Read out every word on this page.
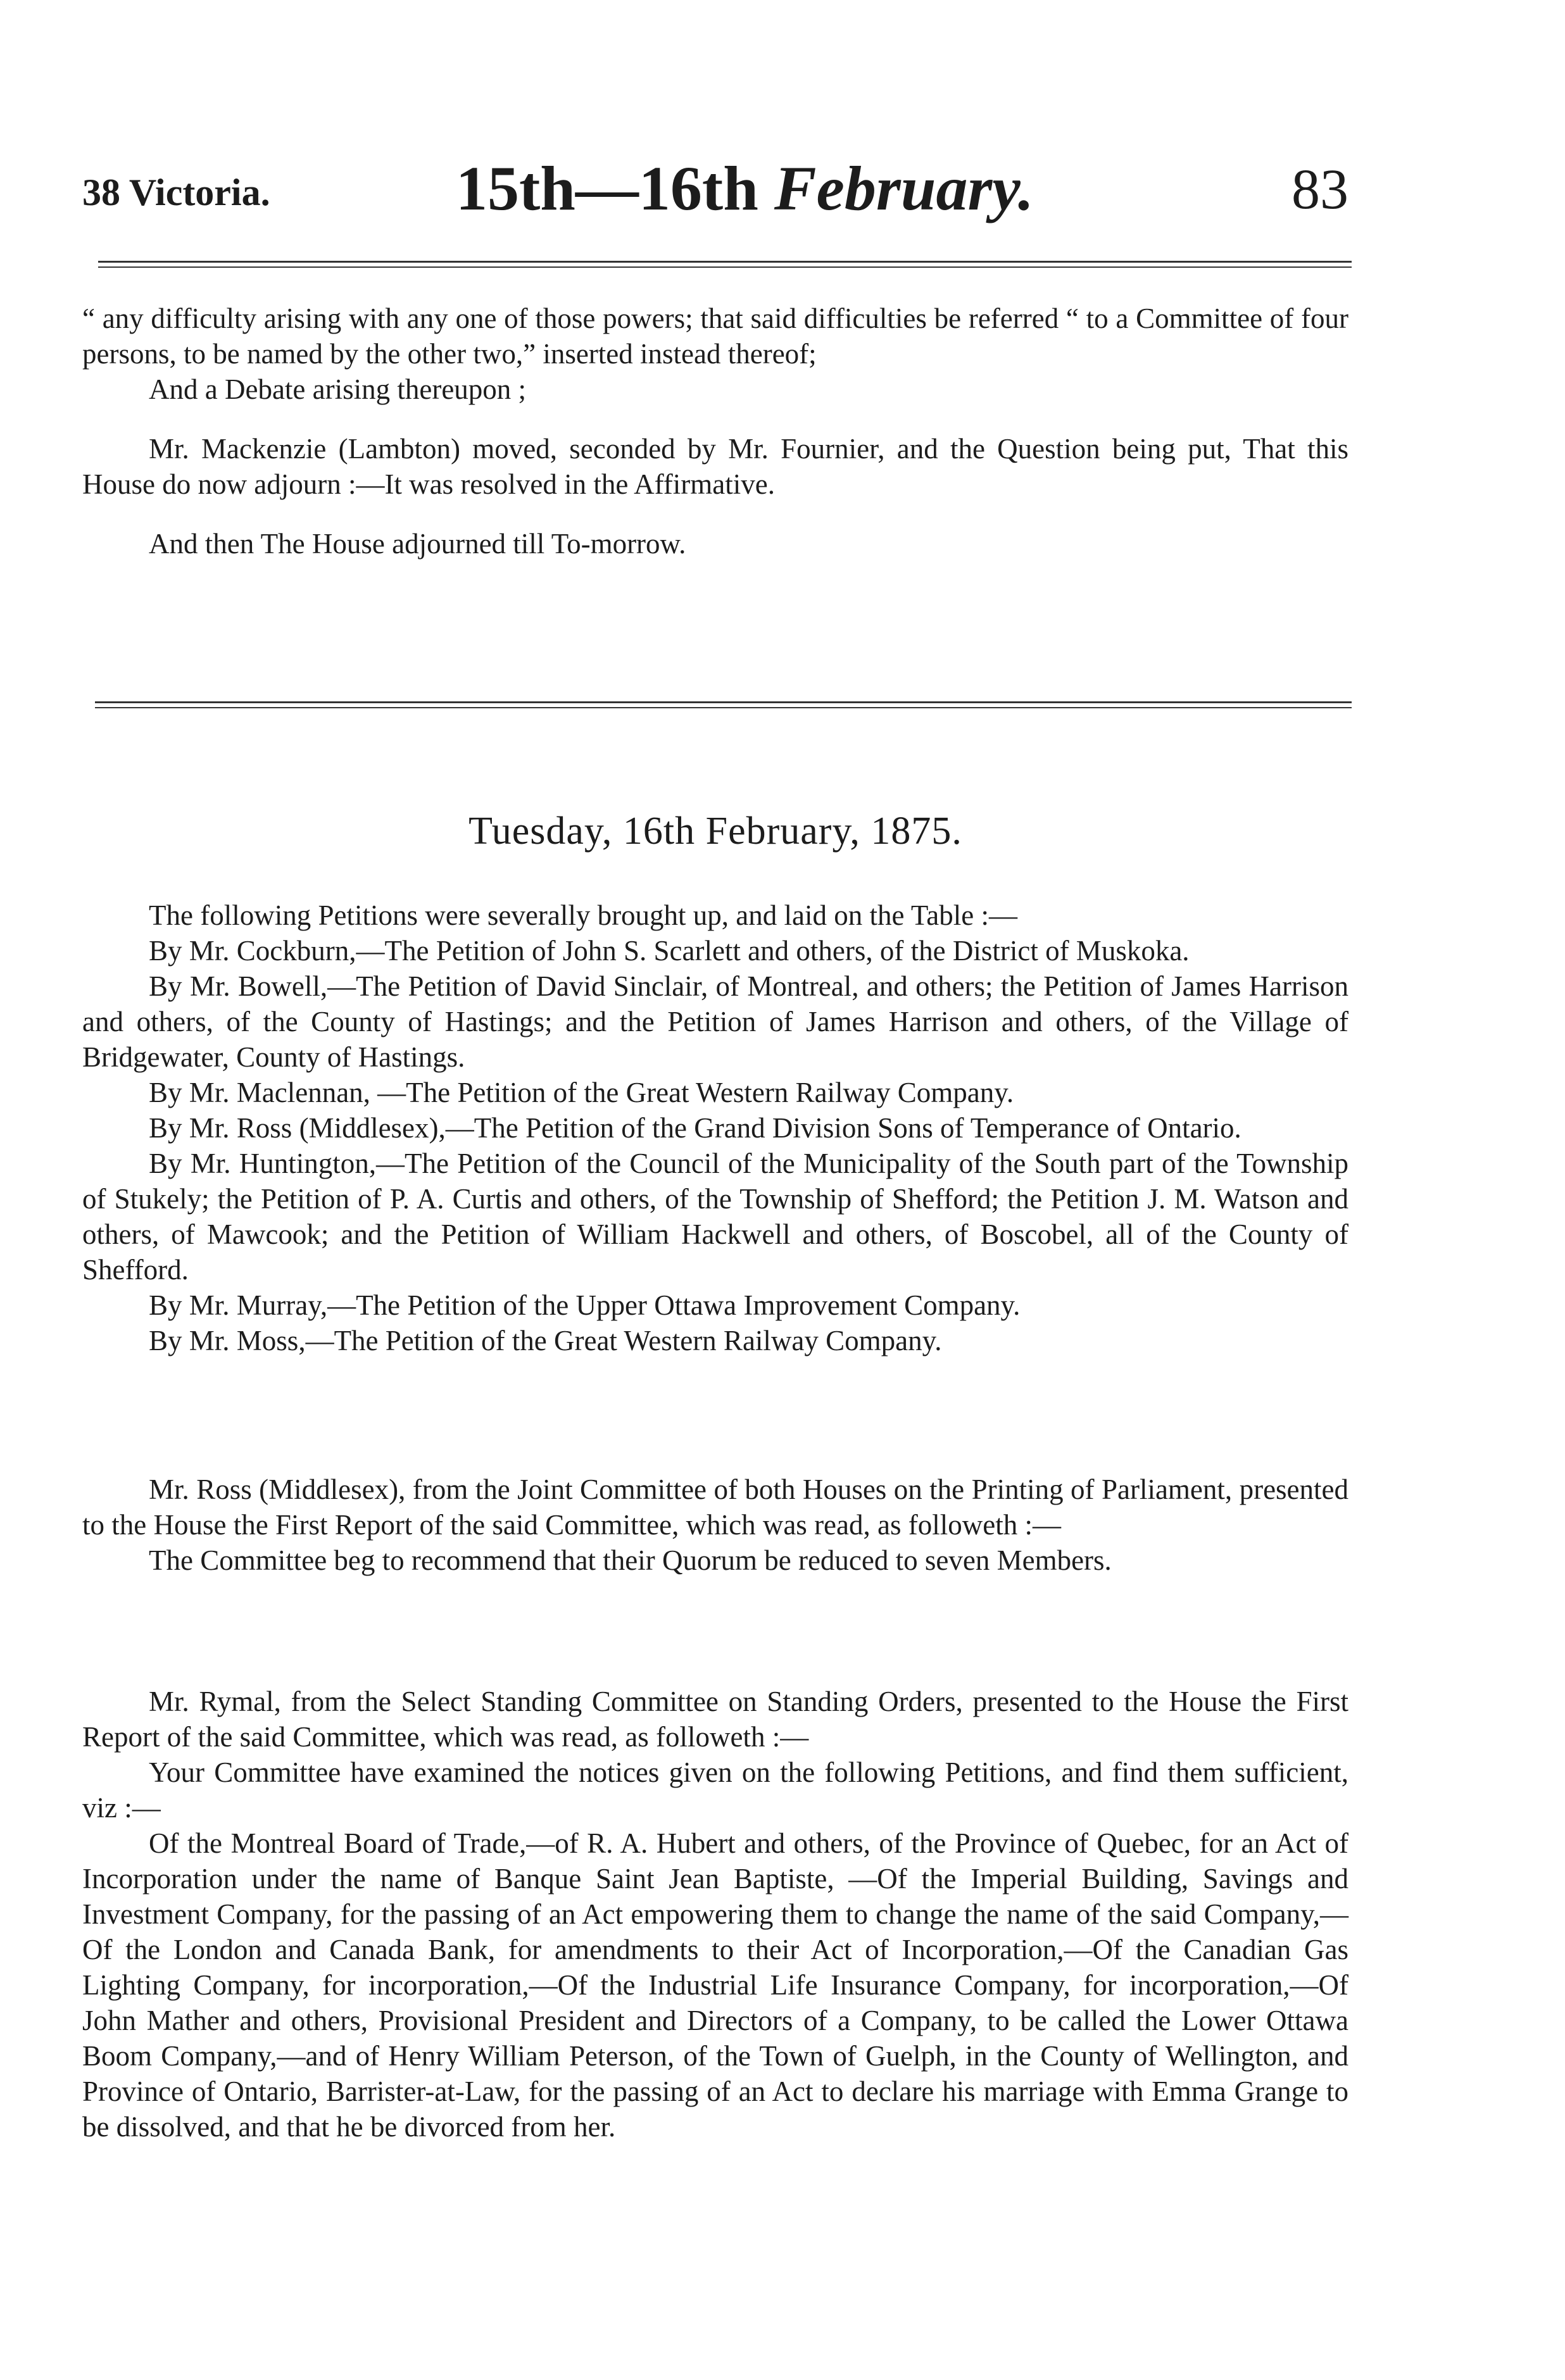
38 Victoria.	15th—16th February.	83

“ any difficulty arising with any one of those powers; that said difficulties be referred “ to a Committee of four persons, to be named by the other two,” inserted instead thereof;

And a Debate arising thereupon ;

Mr. Mackenzie (Lambton) moved, seconded by Mr. Fournier, and the Question being put, That this House do now adjourn :—It was resolved in the Affirmative.

And then The House adjourned till To-morrow.

Tuesday, 16th February, 1875.

The following Petitions were severally brought up, and laid on the Table :—

By Mr. Cockburn,—The Petition of John S. Scarlett and others, of the District of Muskoka.

By Mr. Bowell,—The Petition of David Sinclair, of Montreal, and others; the Petition of James Harrison and others, of the County of Hastings; and the Petition of James Harrison and others, of the Village of Bridgewater, County of Hastings.

By Mr. Maclennan, —The Petition of the Great Western Railway Company.

By Mr. Ross (Middlesex),—The Petition of the Grand Division Sons of Temperance of Ontario.

By Mr. Huntington,—The Petition of the Council of the Municipality of the South part of the Township of Stukely; the Petition of P. A. Curtis and others, of the Township of Shefford; the Petition J. M. Watson and others, of Mawcook; and the Petition of William Hackwell and others, of Boscobel, all of the County of Shefford.

By Mr. Murray,—The Petition of the Upper Ottawa Improvement Company.

By Mr. Moss,—The Petition of the Great Western Railway Company.

Mr. Ross (Middlesex), from the Joint Committee of both Houses on the Printing of Parliament, presented to the House the First Report of the said Committee, which was read, as followeth :—

The Committee beg to recommend that their Quorum be reduced to seven Members.

Mr. Rymal, from the Select Standing Committee on Standing Orders, presented to the House the First Report of the said Committee, which was read, as followeth :—

Your Committee have examined the notices given on the following Petitions, and find them sufficient, viz :—

Of the Montreal Board of Trade,—of R. A. Hubert and others, of the Province of Quebec, for an Act of Incorporation under the name of Banque Saint Jean Baptiste, —Of the Imperial Building, Savings and Investment Company, for the passing of an Act empowering them to change the name of the said Company,—Of the London and Canada Bank, for amendments to their Act of Incorporation,—Of the Canadian Gas Lighting Company, for incorporation,—Of the Industrial Life Insurance Company, for incorporation,—Of John Mather and others, Provisional President and Directors of a Company, to be called the Lower Ottawa Boom Company,—and of Henry William Peterson, of the Town of Guelph, in the County of Wellington, and Province of Ontario, Barrister-at-Law, for the passing of an Act to declare his marriage with Emma Grange to be dissolved, and that he be divorced from her.
